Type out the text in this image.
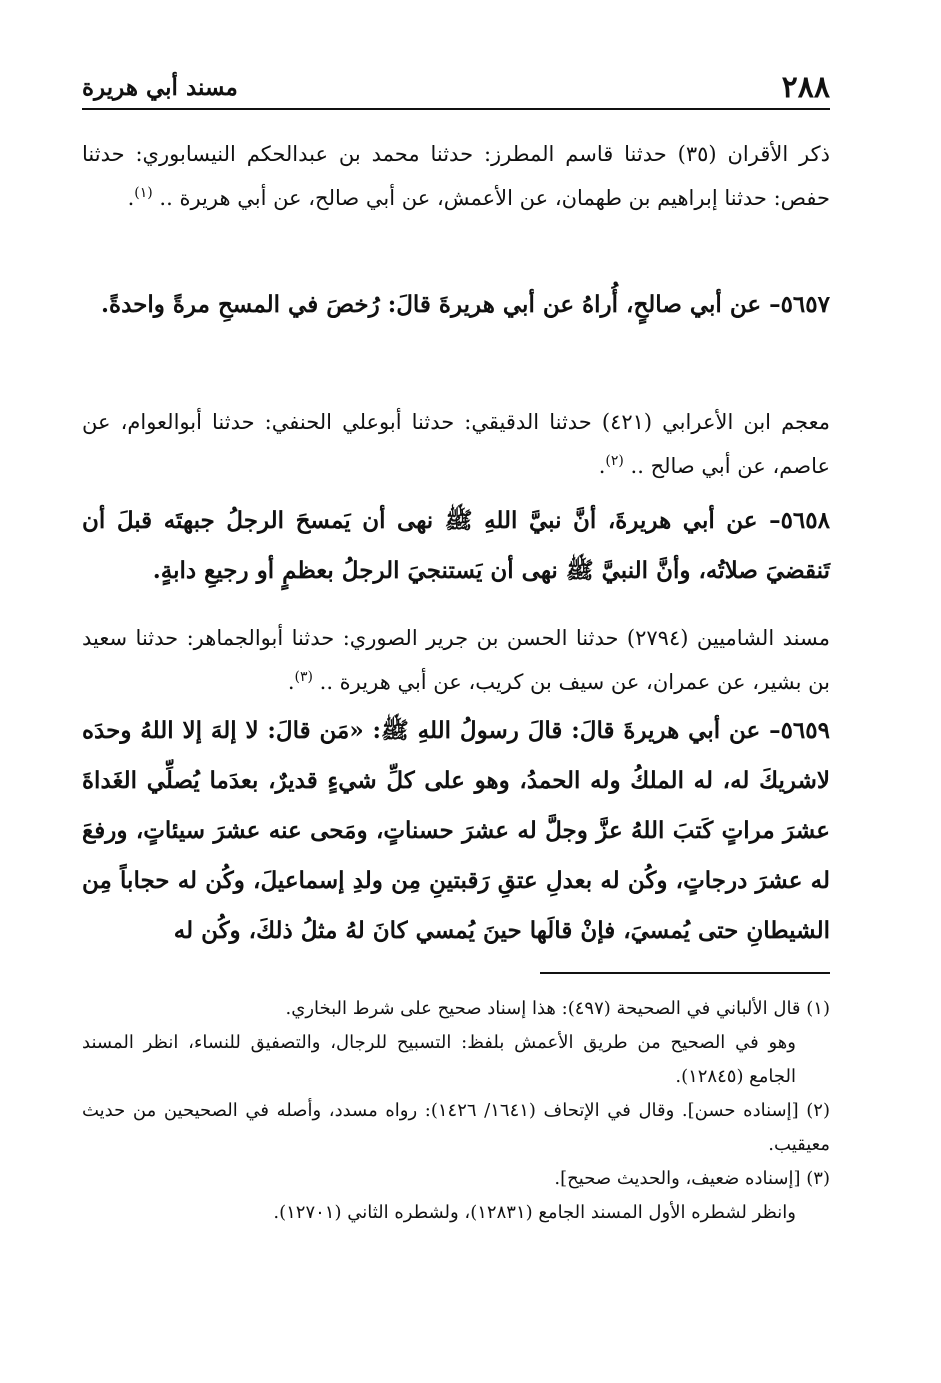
٢٨٨
مسند أبي هريرة

ذكر الأقران (٣٥) حدثنا قاسم المطرز: حدثنا محمد بن عبدالحكم النيسابوري: حدثنا حفص: حدثنا إبراهيم بن طهمان، عن الأعمش، عن أبي صالح، عن أبي هريرة .. $^{(١)}$.

٥٦٥٧– عن أبي صالحٍ، أُراهُ عن أبي هريرةَ قالَ: رُخصَ في المسحِ مرةً واحدةً.

معجم ابن الأعرابي (٤٢١) حدثنا الدقيقي: حدثنا أبوعلي الحنفي: حدثنا أبوالعوام، عن عاصم، عن أبي صالح .. $^{(٢)}$.

٥٦٥٨– عن أبي هريرةَ، أنَّ نبيَّ اللهِ ﷺ نهى أن يَمسحَ الرجلُ جبهتَه قبلَ أن تَنقضيَ صلاتُه، وأنَّ النبيَّ ﷺ نهى أن يَستنجيَ الرجلُ بعظمٍ أو رجيعِ دابةٍ.

مسند الشاميين (٢٧٩٤) حدثنا الحسن بن جرير الصوري: حدثنا أبوالجماهر: حدثنا سعيد بن بشير، عن عمران، عن سيف بن كريب، عن أبي هريرة .. $^{(٣)}$.

٥٦٥٩– عن أبي هريرةَ قالَ: قالَ رسولُ اللهِ ﷺ: «مَن قالَ: لا إلهَ إلا اللهُ وحدَه لاشريكَ له، له الملكُ وله الحمدُ، وهو على كلِّ شيءٍ قديرٌ، بعدَما يُصلِّي الغَداةَ عشرَ مراتٍ كَتبَ اللهُ عزَّ وجلَّ له عشرَ حسناتٍ، ومَحى عنه عشرَ سيئاتٍ، ورفعَ له عشرَ درجاتٍ، وكُن له بعدلِ عتقِ رَقبتينِ مِن ولدِ إسماعيلَ، وكُن له حجاباً مِن الشيطانِ حتى يُمسيَ، فإنْ قالَها حينَ يُمسي كانَ لهُ مثلُ ذلكَ، وكُن له

(١) قال الألباني في الصحيحة (٤٩٧): هذا إسناد صحيح على شرط البخاري.

وهو في الصحيح من طريق الأعمش بلفظ: التسبيح للرجال، والتصفيق للنساء، انظر المسند الجامع (١٢٨٤٥).

(٢) [إسناده حسن]. وقال في الإتحاف (١٦٤١/ ١٤٢٦): رواه مسدد، وأصله في الصحيحين من حديث معيقيب.

(٣) [إسناده ضعيف، والحديث صحيح].

وانظر لشطره الأول المسند الجامع (١٢٨٣١)، ولشطره الثاني (١٢٧٠١).
